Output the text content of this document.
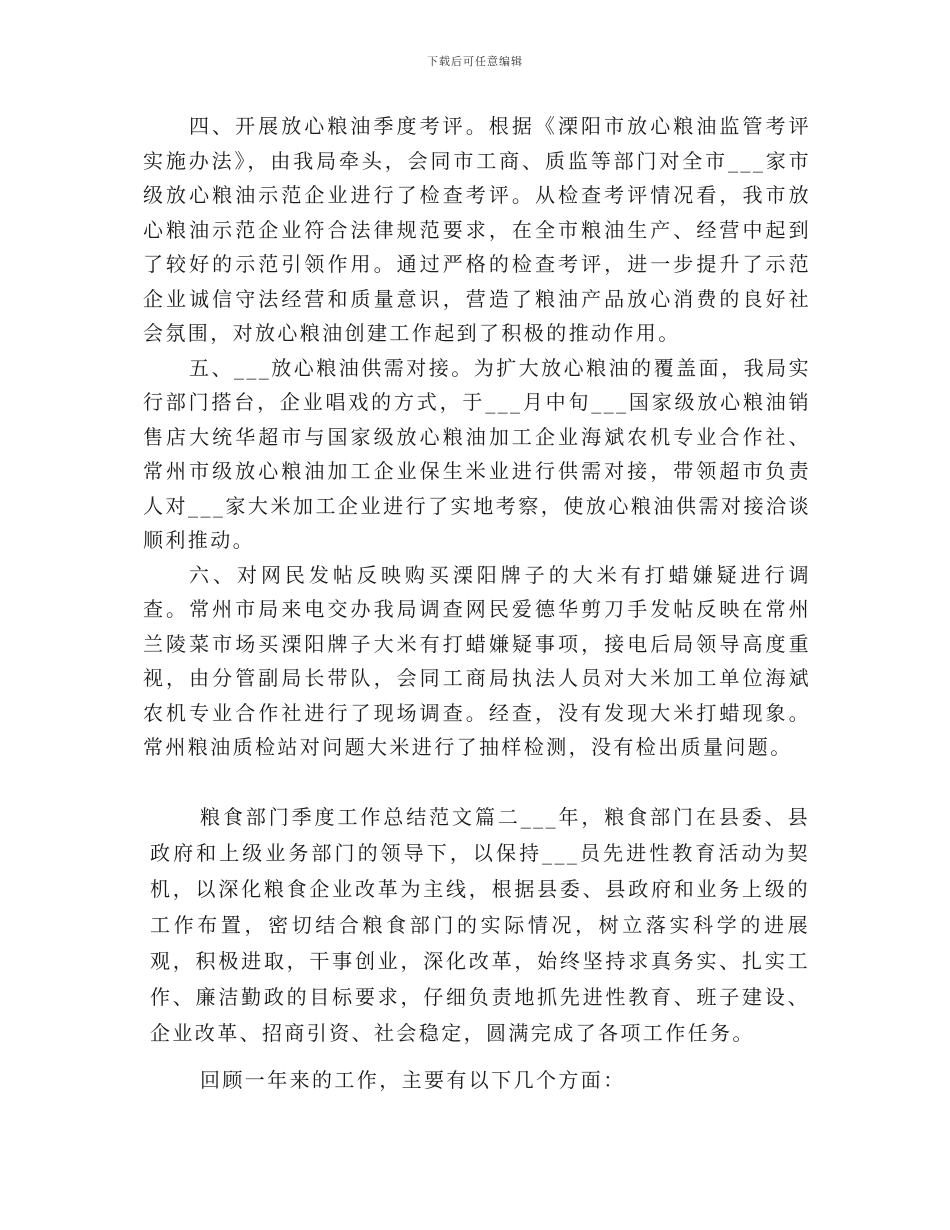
下载后可任意编辑

四、开展放心粮油季度考评。根据《溧阳市放心粮油监管考评实施办法》，由我局牵头，会同市工商、质监等部门对全市___家市级放心粮油示范企业进行了检查考评。从检查考评情况看，我市放心粮油示范企业符合法律规范要求，在全市粮油生产、经营中起到了较好的示范引领作用。通过严格的检查考评，进一步提升了示范企业诚信守法经营和质量意识，营造了粮油产品放心消费的良好社会氛围，对放心粮油创建工作起到了积极的推动作用。

五、___放心粮油供需对接。为扩大放心粮油的覆盖面，我局实行部门搭台，企业唱戏的方式，于___月中旬___国家级放心粮油销售店大统华超市与国家级放心粮油加工企业海斌农机专业合作社、常州市级放心粮油加工企业保生米业进行供需对接，带领超市负责人对___家大米加工企业进行了实地考察，使放心粮油供需对接洽谈顺利推动。

六、对网民发帖反映购买溧阳牌子的大米有打蜡嫌疑进行调查。常州市局来电交办我局调查网民爱德华剪刀手发帖反映在常州兰陵菜市场买溧阳牌子大米有打蜡嫌疑事项，接电后局领导高度重视，由分管副局长带队，会同工商局执法人员对大米加工单位海斌农机专业合作社进行了现场调查。经查，没有发现大米打蜡现象。常州粮油质检站对问题大米进行了抽样检测，没有检出质量问题。

粮食部门季度工作总结范文篇二___年，粮食部门在县委、县政府和上级业务部门的领导下，以保持___员先进性教育活动为契机，以深化粮食企业改革为主线，根据县委、县政府和业务上级的工作布置，密切结合粮食部门的实际情况，树立落实科学的进展观，积极进取，干事创业，深化改革，始终坚持求真务实、扎实工作、廉洁勤政的目标要求，仔细负责地抓先进性教育、班子建设、企业改革、招商引资、社会稳定，圆满完成了各项工作任务。

回顾一年来的工作，主要有以下几个方面：
